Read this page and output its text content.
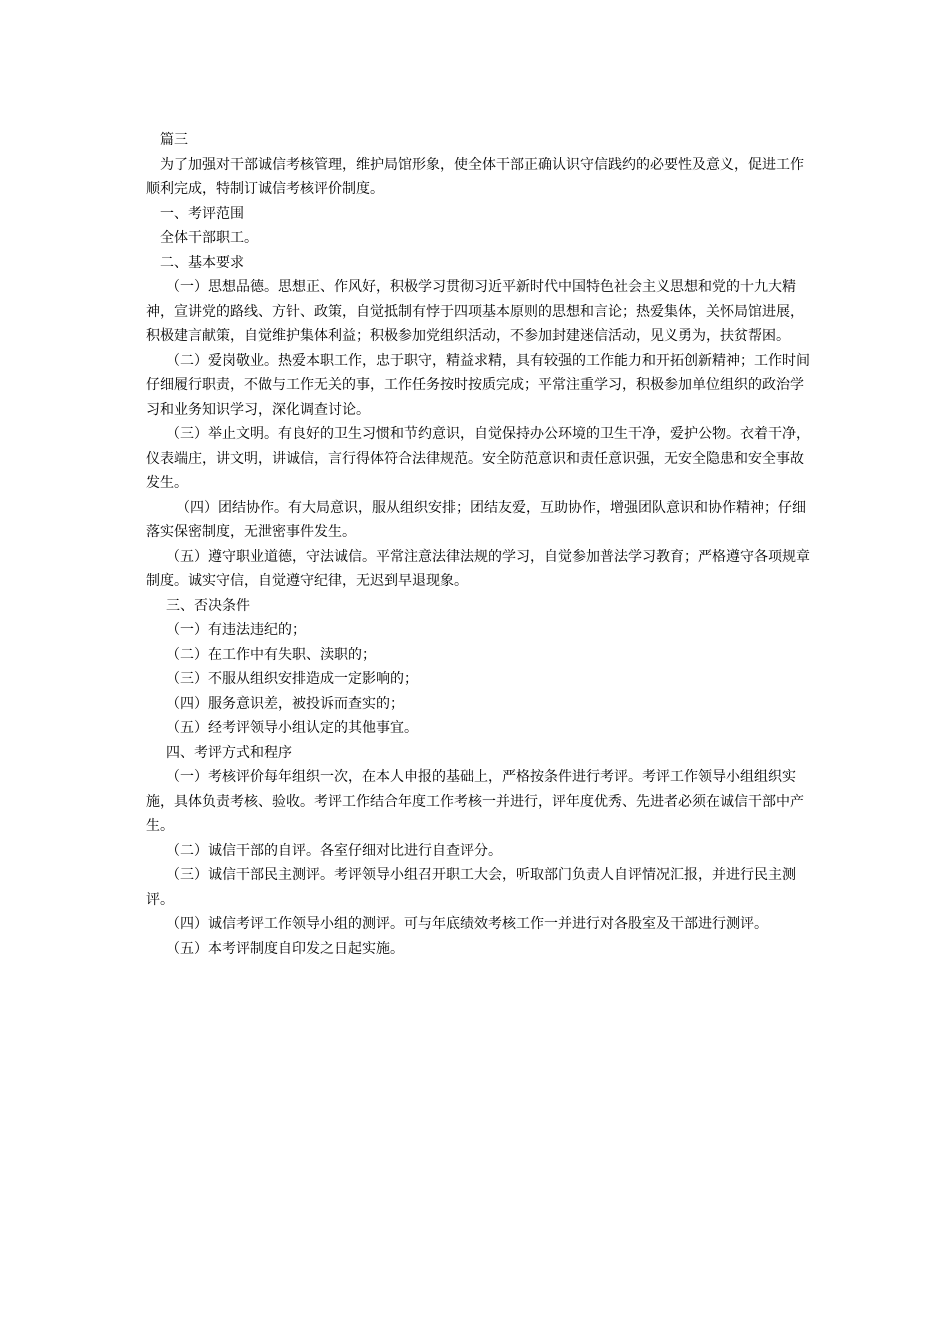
篇三

为了加强对干部诚信考核管理，维护局馆形象，使全体干部正确认识守信践约的必要性及意义，促进工作顺利完成，特制订诚信考核评价制度。

一、考评范围

全体干部职工。

二、基本要求

（一）思想品德。思想正、作风好，积极学习贯彻习近平新时代中国特色社会主义思想和党的十九大精神，宣讲党的路线、方针、政策，自觉抵制有悖于四项基本原则的思想和言论；热爱集体，关怀局馆进展，积极建言献策，自觉维护集体利益；积极参加党组织活动，不参加封建迷信活动，见义勇为，扶贫帮困。

（二）爱岗敬业。热爱本职工作，忠于职守，精益求精，具有较强的工作能力和开拓创新精神；工作时间仔细履行职责，不做与工作无关的事，工作任务按时按质完成；平常注重学习，积极参加单位组织的政治学习和业务知识学习，深化调查讨论。

（三）举止文明。有良好的卫生习惯和节约意识，自觉保持办公环境的卫生干净，爱护公物。衣着干净，仪表端庄，讲文明，讲诚信，言行得体符合法律规范。安全防范意识和责任意识强，无安全隐患和安全事故发生。

（四）团结协作。有大局意识，服从组织安排；团结友爱，互助协作，增强团队意识和协作精神；仔细落实保密制度，无泄密事件发生。

（五）遵守职业道德，守法诚信。平常注意法律法规的学习，自觉参加普法学习教育；严格遵守各项规章制度。诚实守信，自觉遵守纪律，无迟到早退现象。

三、否决条件

（一）有违法违纪的；

（二）在工作中有失职、渎职的；

（三）不服从组织安排造成一定影响的；

（四）服务意识差，被投诉而查实的；

（五）经考评领导小组认定的其他事宜。

四、考评方式和程序

（一）考核评价每年组织一次，在本人申报的基础上，严格按条件进行考评。考评工作领导小组组织实施，具体负责考核、验收。考评工作结合年度工作考核一并进行，评年度优秀、先进者必须在诚信干部中产生。

（二）诚信干部的自评。各室仔细对比进行自查评分。

（三）诚信干部民主测评。考评领导小组召开职工大会，听取部门负责人自评情况汇报，并进行民主测评。

（四）诚信考评工作领导小组的测评。可与年底绩效考核工作一并进行对各股室及干部进行测评。

（五）本考评制度自印发之日起实施。
